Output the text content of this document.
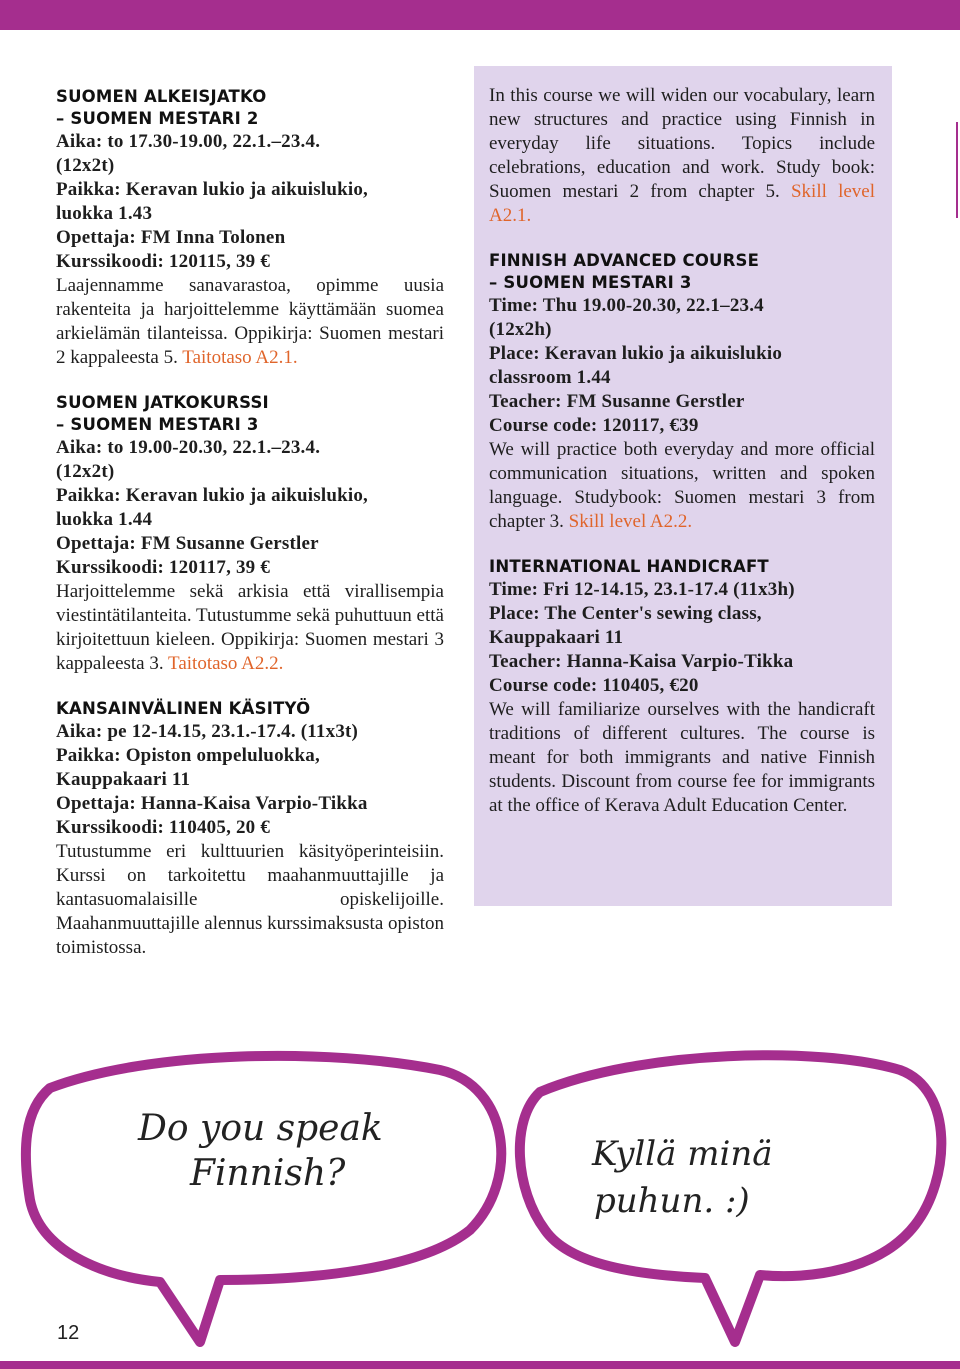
SUOMEN ALKEISJATKO
– SUOMEN MESTARI 2
Aika: to 17.30-19.00, 22.1.–23.4.
(12x2t)
Paikka: Keravan lukio ja aikuislukio,
luokka 1.43
Opettaja: FM Inna Tolonen
Kurssikoodi: 120115, 39 €

Laajennamme sanavarastoa, opimme uusia rakenteita ja harjoittelemme käyttämään suomea arkielämän tilanteissa. Oppikirja: Suomen mestari 2 kappaleesta 5. Taitotaso A2.1.

SUOMEN JATKOKURSSI
– SUOMEN MESTARI 3
Aika: to 19.00-20.30, 22.1.–23.4.
(12x2t)
Paikka: Keravan lukio ja aikuislukio,
luokka 1.44
Opettaja: FM Susanne Gerstler
Kurssikoodi: 120117, 39 €

Harjoittelemme sekä arkisia että virallisempia viestintätilanteita. Tutustumme sekä puhuttuun että kirjoitettuun kieleen. Oppikirja: Suomen mestari 3 kappaleesta 3. Taitotaso A2.2.

KANSAINVÄLINEN KÄSITYÖ
Aika: pe 12-14.15, 23.1.-17.4. (11x3t)
Paikka: Opiston ompeluluokka,
Kauppakaari 11
Opettaja: Hanna-Kaisa Varpio-Tikka
Kurssikoodi: 110405, 20 €

Tutustumme eri kulttuurien käsityöperinteisiin. Kurssi on tarkoitettu maahanmuuttajille ja kantasuomalaisille opiskelijoille. Maahanmuuttajille alennus kurssimaksusta opiston toimistossa.

In this course we will widen our vocabulary, learn new structures and practice using Finnish in everyday life situations. Topics include celebrations, education and work. Study book: Suomen mestari 2 from chapter 5. Skill level A2.1.

FINNISH ADVANCED COURSE
– SUOMEN MESTARI 3
Time: Thu 19.00-20.30, 22.1–23.4
(12x2h)
Place: Keravan lukio ja aikuislukio
classroom 1.44
Teacher: FM Susanne Gerstler
Course code: 120117, €39

We will practice both everyday and more official communication situations, written and spoken language. Studybook: Suomen mestari 3 from chapter 3. Skill level A2.2.

INTERNATIONAL HANDICRAFT
Time: Fri 12-14.15, 23.1-17.4 (11x3h)
Place: The Center's sewing class,
Kauppakaari 11
Teacher: Hanna-Kaisa Varpio-Tikka
Course code: 110405, €20

We will familiarize ourselves with the handicraft traditions of different cultures. The course is meant for both immigrants and native Finnish students. Discount from course fee for immigrants at the office of Kerava Adult Education Center.

Do you speak
Finnish?	Kyllä minä
puhun. :)
12
